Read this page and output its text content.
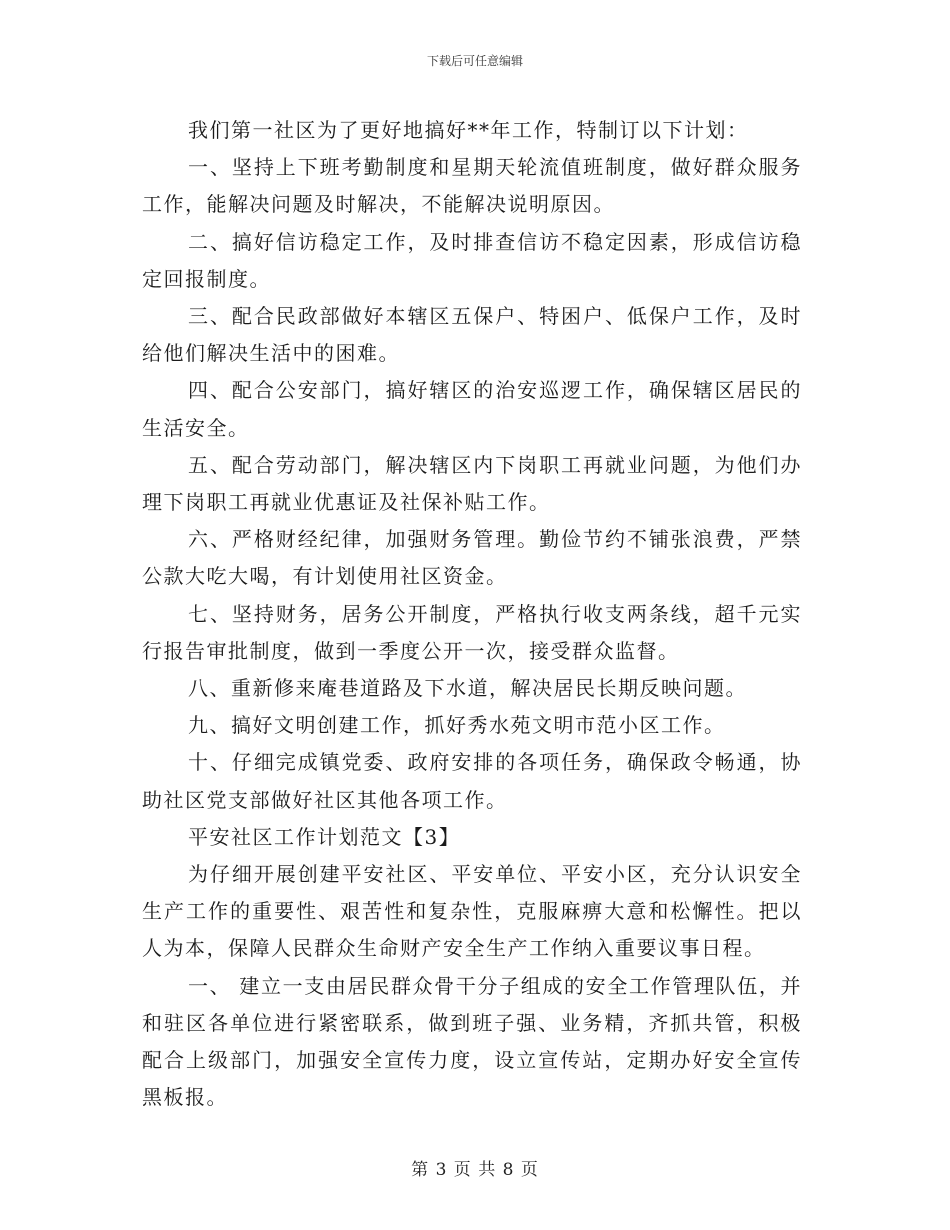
下载后可任意编辑

我们第一社区为了更好地搞好**年工作，特制订以下计划：

一、坚持上下班考勤制度和星期天轮流值班制度，做好群众服务工作，能解决问题及时解决，不能解决说明原因。

二、搞好信访稳定工作，及时排查信访不稳定因素，形成信访稳定回报制度。

三、配合民政部做好本辖区五保户、特困户、低保户工作，及时给他们解决生活中的困难。

四、配合公安部门，搞好辖区的治安巡逻工作，确保辖区居民的生活安全。

五、配合劳动部门，解决辖区内下岗职工再就业问题，为他们办理下岗职工再就业优惠证及社保补贴工作。

六、严格财经纪律，加强财务管理。勤俭节约不铺张浪费，严禁公款大吃大喝，有计划使用社区资金。

七、坚持财务，居务公开制度，严格执行收支两条线，超千元实行报告审批制度，做到一季度公开一次，接受群众监督。

八、重新修来庵巷道路及下水道，解决居民长期反映问题。

九、搞好文明创建工作，抓好秀水苑文明市范小区工作。

十、仔细完成镇党委、政府安排的各项任务，确保政令畅通，协助社区党支部做好社区其他各项工作。

平安社区工作计划范文【3】

为仔细开展创建平安社区、平安单位、平安小区，充分认识安全生产工作的重要性、艰苦性和复杂性，克服麻痹大意和松懈性。把以人为本，保障人民群众生命财产安全生产工作纳入重要议事日程。

一、 建立一支由居民群众骨干分子组成的安全工作管理队伍，并和驻区各单位进行紧密联系，做到班子强、业务精，齐抓共管，积极配合上级部门，加强安全宣传力度，设立宣传站，定期办好安全宣传黑板报。

第 3 页 共 8 页
